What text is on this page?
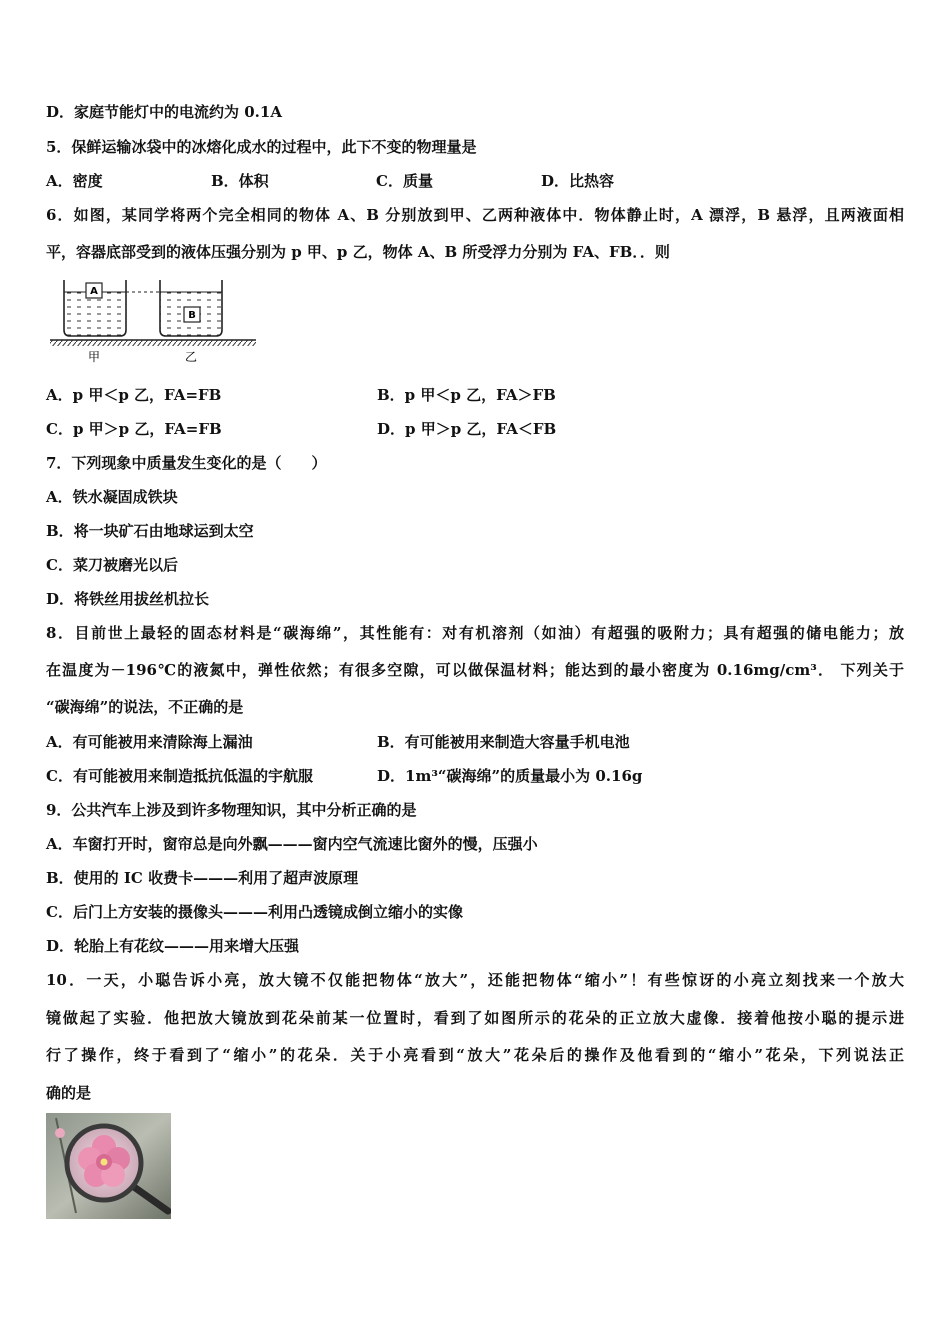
D．家庭节能灯中的电流约为 0.1A
5．保鲜运输冰袋中的冰熔化成水的过程中，此下不变的物理量是
A．密度	B．体积	C．质量	D．比热容
6．如图，某同学将两个完全相同的物体 A、B 分别放到甲、乙两种液体中．物体静止时，A 漂浮，B 悬浮，且两液面相
平，容器底部受到的液体压强分别为 p 甲、p 乙，物体 A、B 所受浮力分别为 FA、FB．．则
A
B
甲	乙
A．p 甲＜p 乙，FA=FB	B．p 甲＜p 乙，FA＞FB
C．p 甲＞p 乙，FA=FB	D．p 甲＞p 乙，FA＜FB
7．下列现象中质量发生变化的是（　　）
A．铁水凝固成铁块
B．将一块矿石由地球运到太空
C．菜刀被磨光以后
D．将铁丝用拔丝机拉长
8．目前世上最轻的固态材料是“碳海绵”，其性能有：对有机溶剂（如油）有超强的吸附力；具有超强的储电能力；放
在温度为－196℃的液氮中，弹性依然；有很多空隙，可以做保温材料；能达到的最小密度为 0.16mg/cm³． 下列关于
“碳海绵”的说法，不正确的是
A．有可能被用来清除海上漏油	B．有可能被用来制造大容量手机电池
C．有可能被用来制造抵抗低温的宇航服	D．1m³“碳海绵”的质量最小为 0.16g
9．公共汽车上涉及到许多物理知识，其中分析正确的是
A．车窗打开时，窗帘总是向外飘———窗内空气流速比窗外的慢，压强小
B．使用的 IC 收费卡———利用了超声波原理
C．后门上方安装的摄像头———利用凸透镜成倒立缩小的实像
D．轮胎上有花纹———用来增大压强
10．一天，小聪告诉小亮，放大镜不仅能把物体“放大”，还能把物体“缩小”！有些惊讶的小亮立刻找来一个放大
镜做起了实验．他把放大镜放到花朵前某一位置时，看到了如图所示的花朵的正立放大虚像．接着他按小聪的提示进
行了操作，终于看到了“缩小”的花朵．关于小亮看到“放大”花朵后的操作及他看到的“缩小”花朵，下列说法正
确的是
